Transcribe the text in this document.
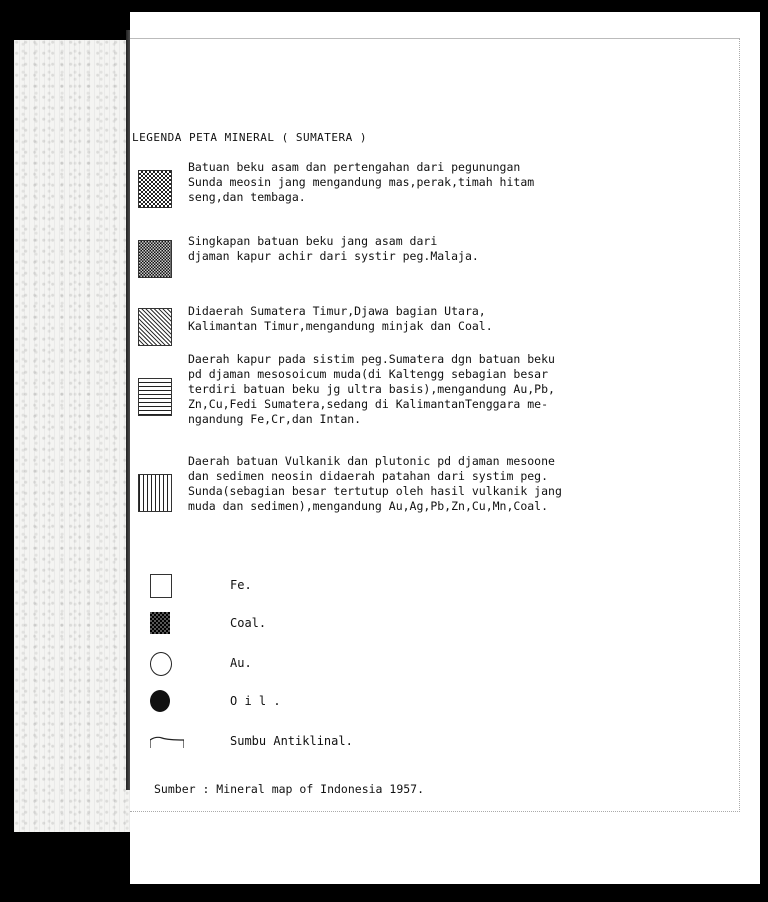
LEGENDA PETA MINERAL ( SUMATERA )
Batuan beku asam dan pertengahan dari pegunungan
Sunda meosin jang mengandung mas,perak,timah hitam
seng,dan tembaga.
Singkapan batuan beku jang asam dari
djaman kapur achir dari systir peg.Malaja.
Didaerah Sumatera Timur,Djawa bagian Utara,
Kalimantan Timur,mengandung minjak dan Coal.
Daerah kapur pada sistim peg.Sumatera dgn batuan beku
pd djaman mesosoicum muda(di Kaltengg sebagian besar
terdiri batuan beku jg ultra basis),mengandung Au,Pb,
Zn,Cu,Fedi Sumatera,sedang di KalimantanTenggara me-
ngandung Fe,Cr,dan Intan.
Daerah batuan Vulkanik dan plutonic pd djaman mesoone
dan sedimen neosin didaerah patahan dari systim peg.
Sunda(sebagian besar tertutup oleh hasil vulkanik jang
muda dan sedimen),mengandung Au,Ag,Pb,Zn,Cu,Mn,Coal.
Fe.
Coal.
Au.
O i l .
Sumbu Antiklinal.
Sumber : Mineral map of Indonesia 1957.
